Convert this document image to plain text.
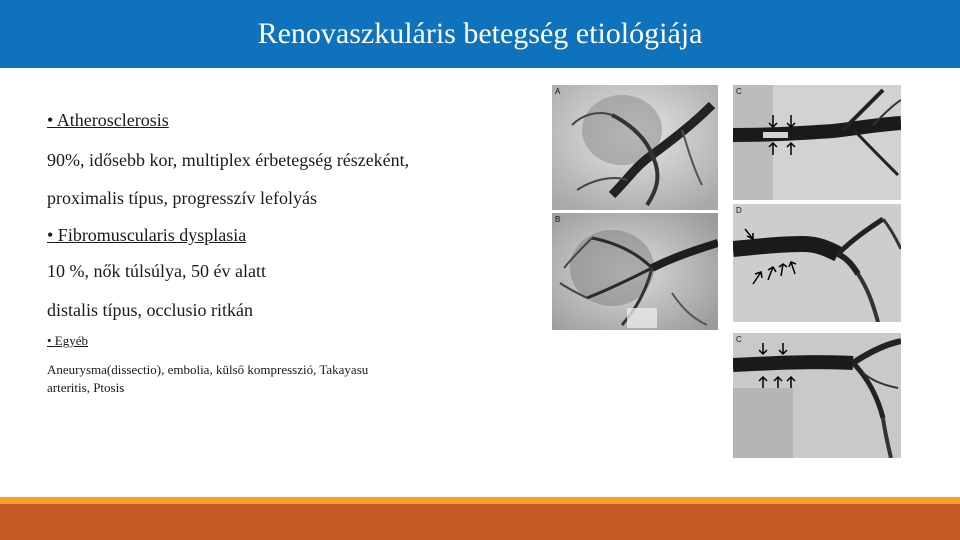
Renovaszkuláris betegség etiológiája
• Atherosclerosis
90%, idősebb kor, multiplex érbetegség részeként,
proximalis típus, progresszív lefolyás
• Fibromuscularis dysplasia
10 %, nők túlsúlya, 50 év alatt
distalis típus, occlusio ritkán
• Egyéb
Aneurysma(dissectio), embolia, külső kompresszió, Takayasu
arteritis, Ptosis
A
B
C
D
C
